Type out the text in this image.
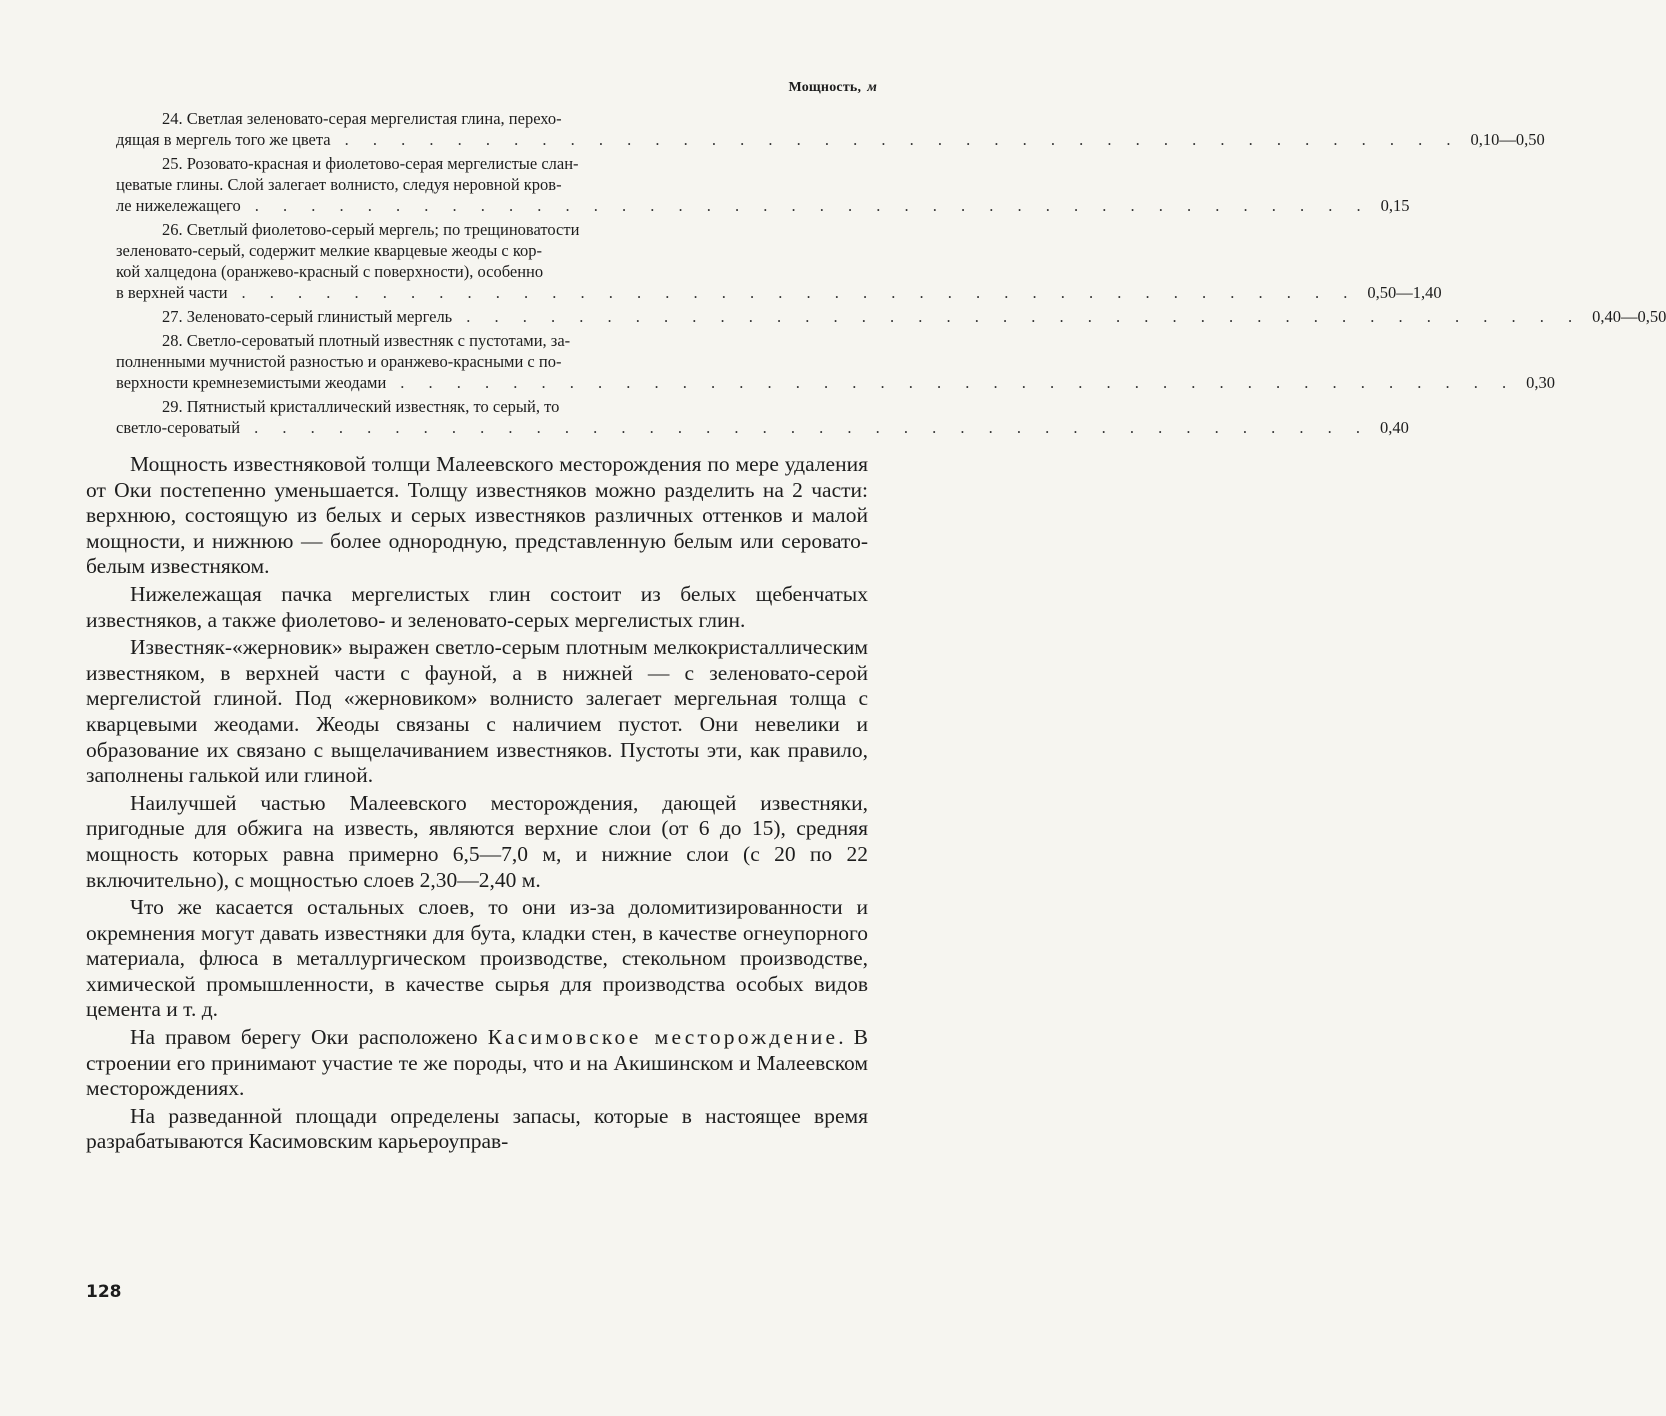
Мощность, м
24. Светлая зеленовато-серая мергелистая глина, перехо-
дящая в мергель того же цвета . . . . . . . . . . . . . . . . . . . . . . . . . . . . . . . . . . . . . . . . 0,10—0,50
25. Розовато-красная и фиолетово-серая мергелистые слан-
цеватые глины. Слой залегает волнисто, следуя неровной кров-
ле нижележащего . . . . . . . . . . . . . . . . . . . . . . . . . . . . . . . . . . . . . . . . 0,15
26. Светлый фиолетово-серый мергель; по трещиноватости
зеленовато-серый, содержит мелкие кварцевые жеоды с кор-
кой халцедона (оранжево-красный с поверхности), особенно
в верхней части . . . . . . . . . . . . . . . . . . . . . . . . . . . . . . . . . . . . . . . . 0,50—1,40
27. Зеленовато-серый глинистый мергель . . . . . . . . . . . . . . . . . . . . . . . . . . . . . . . . . . . . . . . . 0,40—0,50
28. Светло-сероватый плотный известняк с пустотами, за-
полненными мучнистой разностью и оранжево-красными с по-
верхности кремнеземистыми жеодами . . . . . . . . . . . . . . . . . . . . . . . . . . . . . . . . . . . . . . . . 0,30
29. Пятнистый кристаллический известняк, то серый, то
светло-сероватый . . . . . . . . . . . . . . . . . . . . . . . . . . . . . . . . . . . . . . . . 0,40

Мощность известняковой толщи Малеевского месторождения по мере удаления от Оки постепенно уменьшается. Толщу известняков можно разделить на 2 части: верхнюю, состоящую из белых и серых известняков различных оттенков и малой мощности, и нижнюю — более однородную, представленную белым или серовато-белым известняком.

Нижележащая пачка мергелистых глин состоит из белых щебенчатых известняков, а также фиолетово- и зеленовато-серых мергелистых глин.

Известняк-«жерновик» выражен светло-серым плотным мелкокристаллическим известняком, в верхней части с фауной, а в нижней — с зеленовато-серой мергелистой глиной. Под «жерновиком» волнисто залегает мергельная толща с кварцевыми жеодами. Жеоды связаны с наличием пустот. Они невелики и образование их связано с выщелачиванием известняков. Пустоты эти, как правило, заполнены галькой или глиной.

Наилучшей частью Малеевского месторождения, дающей известняки, пригодные для обжига на известь, являются верхние слои (от 6 до 15), средняя мощность которых равна примерно 6,5—7,0 м, и нижние слои (с 20 по 22 включительно), с мощностью слоев 2,30—2,40 м.

Что же касается остальных слоев, то они из-за доломитизированности и окремнения могут давать известняки для бута, кладки стен, в качестве огнеупорного материала, флюса в металлургическом производстве, стекольном производстве, химической промышленности, в качестве сырья для производства особых видов цемента и т. д.

На правом берегу Оки расположено Касимовское месторождение. В строении его принимают участие те же породы, что и на Акишинском и Малеевском месторождениях.

На разведанной площади определены запасы, которые в настоящее время разрабатываются Касимовским карьероуправ-

128
